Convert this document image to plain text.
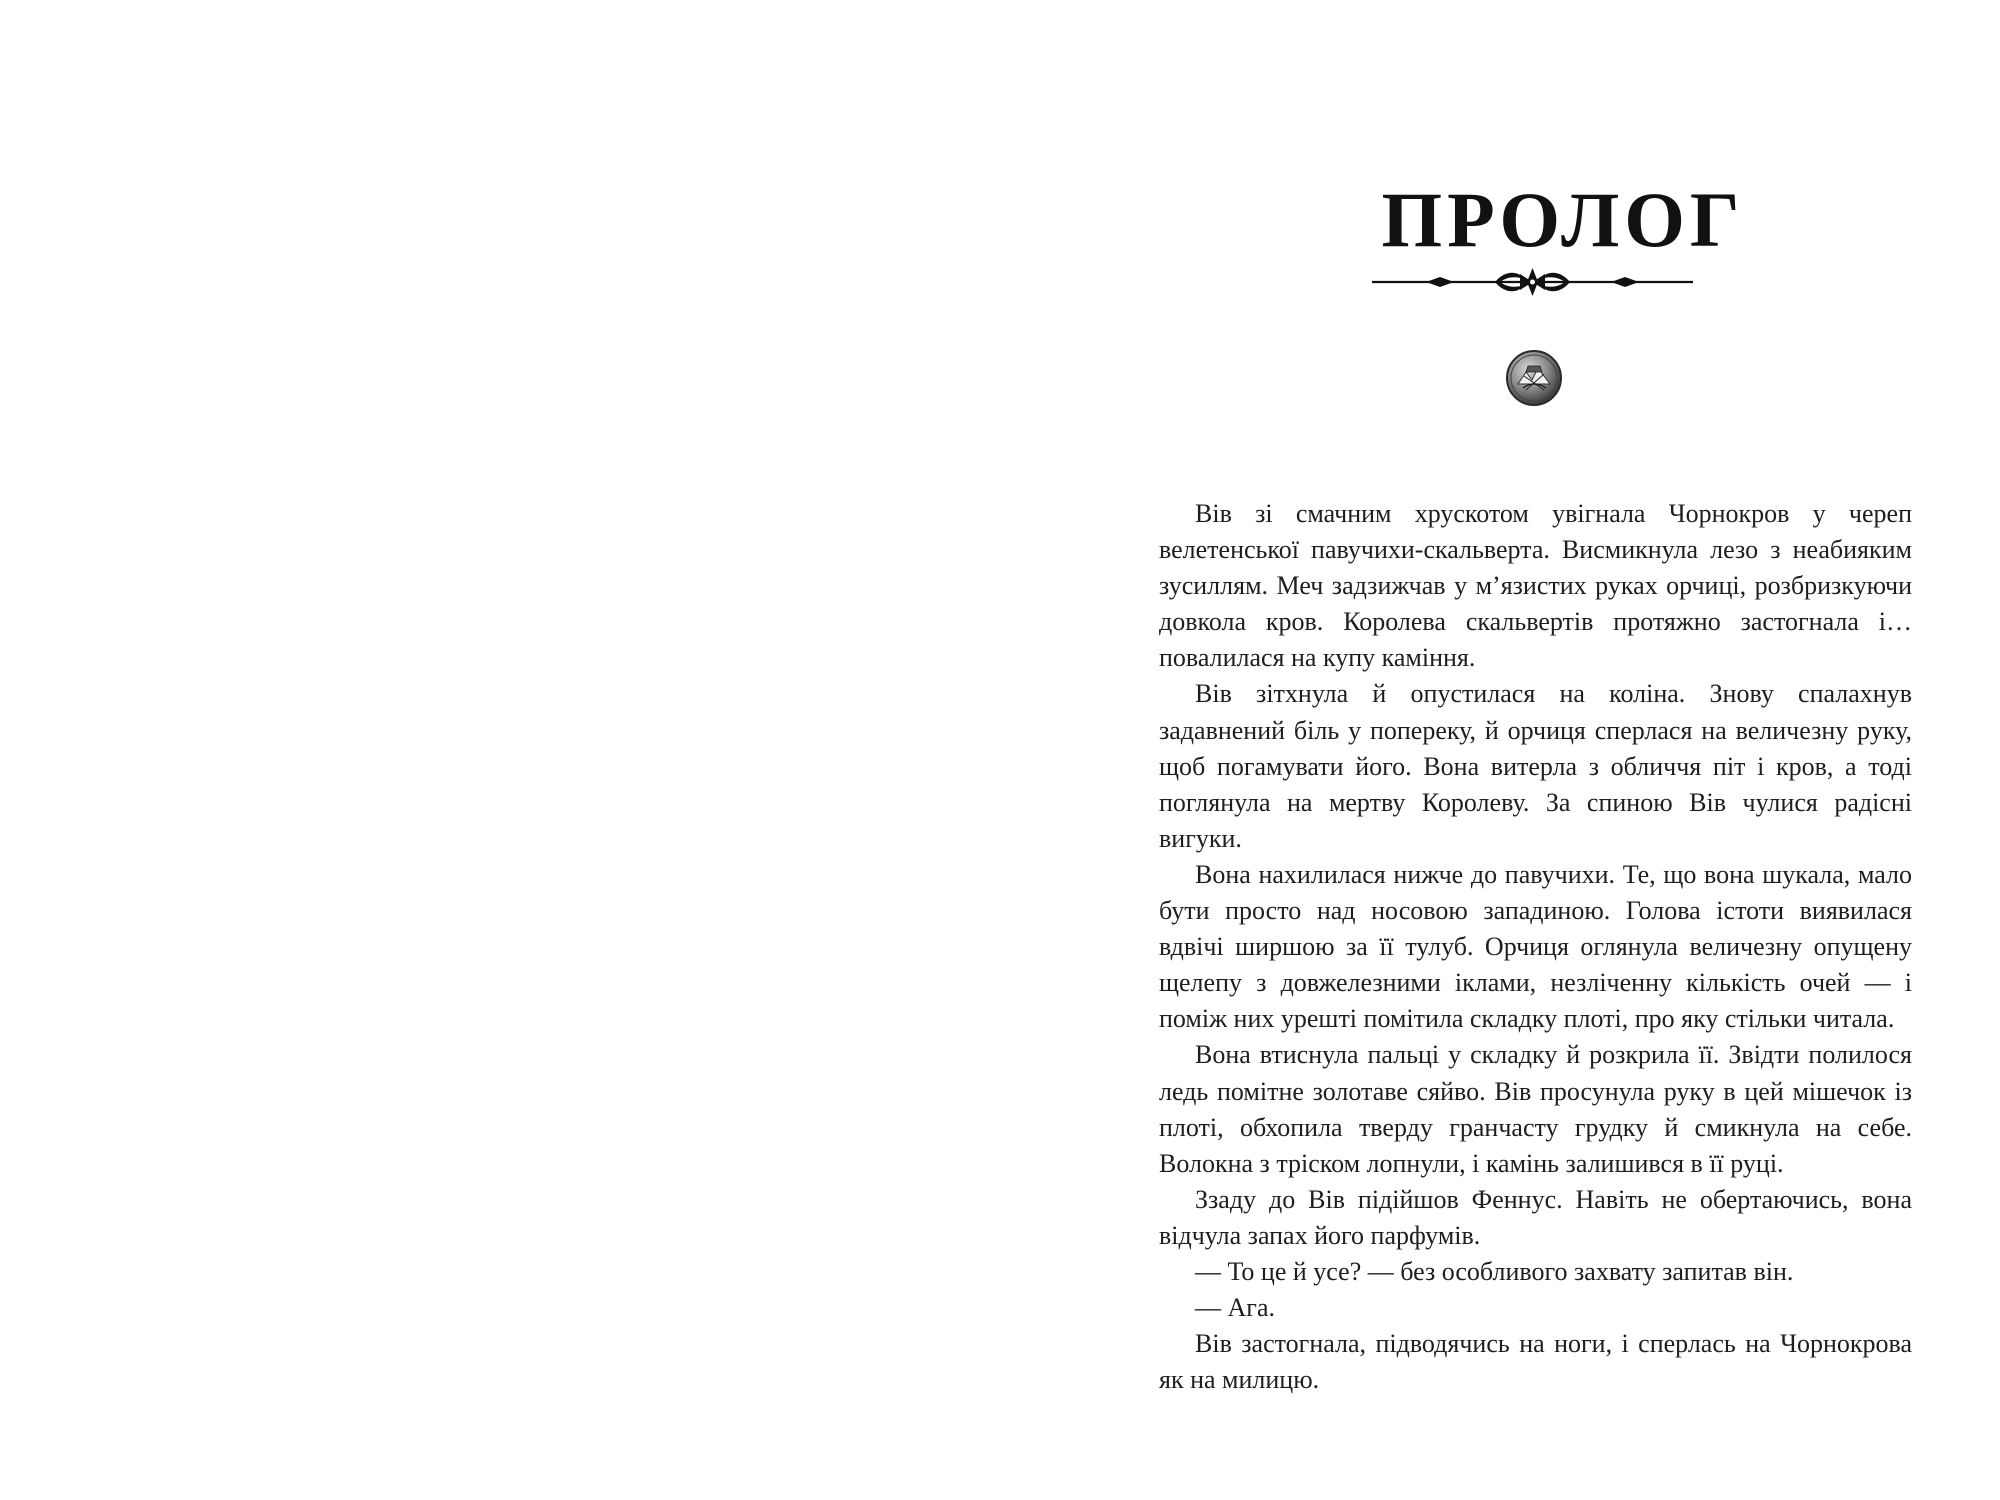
ПРОЛОГ

Вів зі смачним хрускотом увігнала Чорнокров у череп велетенської павучихи-скальверта. Висмикнула лезо з неабияким зусиллям. Меч задзижчав у м’язистих руках орчиці, розбризкуючи довкола кров. Королева скальвертів протяжно застогнала і… повалилася на купу каміння.

Вів зітхнула й опустилася на коліна. Знову спалахнув задавнений біль у попереку, й орчиця сперлася на величезну руку, щоб погамувати його. Вона витерла з обличчя піт і кров, а тоді поглянула на мертву Королеву. За спиною Вів чулися радісні вигуки.

Вона нахилилася нижче до павучихи. Те, що вона шукала, мало бути просто над носовою западиною. Голова істоти виявилася вдвічі ширшою за її тулуб. Орчиця оглянула величезну опущену щелепу з довжелезними іклами, незліченну кількість очей — і поміж них урешті помітила складку плоті, про яку стільки читала.

Вона втиснула пальці у складку й розкрила її. Звідти полилося ледь помітне золотаве сяйво. Вів просунула руку в цей мішечок із плоті, обхопила тверду гранчасту грудку й смикнула на себе. Волокна з тріском лопнули, і камінь залишився в її руці.

Ззаду до Вів підійшов Феннус. Навіть не обертаючись, вона відчула запах його парфумів.

— То це й усе? — без особливого захвату запитав він.

— Ага.

Вів застогнала, підводячись на ноги, і сперлась на Чорнокрова як на милицю.
